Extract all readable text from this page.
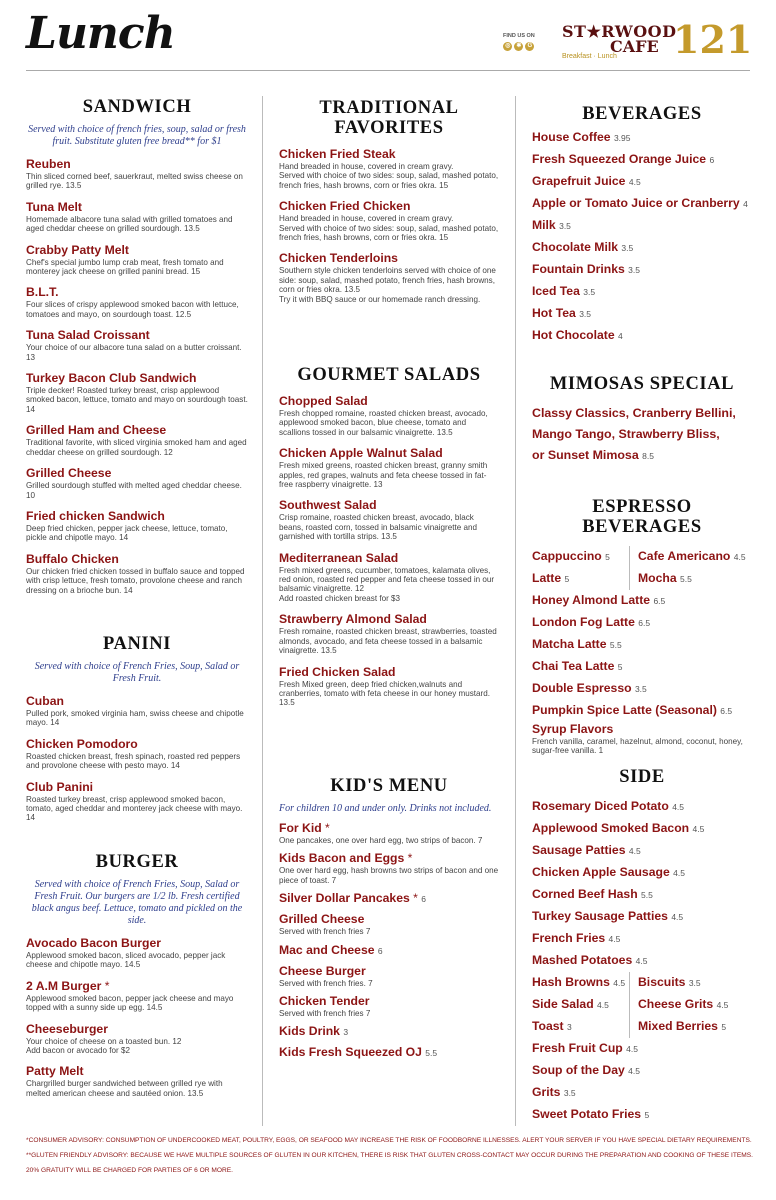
Lunch	FIND US ON
◎ ✱	G
ST★RWOOD
CAFE
Breakfast · Lunch 121
SANDWICH
Served with choice of french fries, soup, salad or fresh fruit. Substitute gluten free bread** for $1
Reuben
Thin sliced corned beef, sauerkraut, melted swiss cheese on grilled rye. 13.5
Tuna Melt
Homemade albacore tuna salad with grilled tomatoes and aged cheddar cheese on grilled sourdough. 13.5
Crabby Patty Melt
Chef's special jumbo lump crab meat, fresh tomato and monterey jack cheese on grilled panini bread. 15
B.L.T.
Four slices of crispy applewood smoked bacon with lettuce, tomatoes and mayo, on sourdough toast. 12.5
Tuna Salad Croissant
Your choice of our albacore tuna salad on a butter croissant. 13
Turkey Bacon Club Sandwich
Triple decker! Roasted turkey breast, crisp applewood smoked bacon, lettuce, tomato and mayo on sourdough toast. 14
Grilled Ham and Cheese
Traditional favorite, with sliced virginia smoked ham and aged cheddar cheese on grilled sourdough. 12
Grilled Cheese
Grilled sourdough stuffed with melted aged cheddar cheese. 10
Fried chicken Sandwich
Deep fried chicken, pepper jack cheese, lettuce, tomato, pickle and chipotle mayo. 14
Buffalo Chicken
Our chicken fried chicken tossed in buffalo sauce and topped with crisp lettuce, fresh tomato, provolone cheese and ranch dressing on a brioche bun. 14
PANINI
Served with choice of French Fries, Soup, Salad or Fresh Fruit.
Cuban
Pulled pork, smoked virginia ham, swiss cheese and chipotle mayo. 14
Chicken Pomodoro
Roasted chicken breast, fresh spinach, roasted red peppers and provolone cheese with pesto mayo. 14
Club Panini
Roasted turkey breast, crisp applewood smoked bacon, tomato, aged cheddar and monterey jack cheese with mayo. 14
BURGER
Served with choice of French Fries, Soup, Salad or Fresh Fruit. Our burgers are 1/2 lb. Fresh certified black angus beef. Lettuce, tomato and pickled on the side.
Avocado Bacon Burger
Applewood smoked bacon, sliced avocado, pepper jack cheese and chipotle mayo. 14.5
2 A.M Burger *
Applewood smoked bacon, pepper jack cheese and mayo topped with a sunny side up egg. 14.5
Cheeseburger
Your choice of cheese on a toasted bun. 12
Add bacon or avocado for $2
Patty Melt
Chargrilled burger sandwiched between grilled rye with melted american cheese and sautéed onion. 13.5
TRADITIONAL FAVORITES
Chicken Fried Steak
Hand breaded in house, covered in cream gravy.
Served with choice of two sides: soup, salad, mashed potato, french fries, hash browns, corn or fries okra. 15
Chicken Fried Chicken
Hand breaded in house, covered in cream gravy.
Served with choice of two sides: soup, salad, mashed potato, french fries, hash browns, corn or fries okra. 15
Chicken Tenderloins
Southern style chicken tenderloins served with choice of one side: soup, salad, mashed potato, french fries, hash browns, corn or fries okra. 13.5
Try it with BBQ sauce or our homemade ranch dressing.
GOURMET SALADS
Chopped Salad
Fresh chopped romaine, roasted chicken breast, avocado, applewood smoked bacon, blue cheese, tomato and scallions tossed in our balsamic vinaigrette. 13.5
Chicken Apple Walnut Salad
Fresh mixed greens, roasted chicken breast, granny smith apples, red grapes, walnuts and feta cheese tossed in fat-free raspberry vinaigrette. 13
Southwest Salad
Crisp romaine, roasted chicken breast, avocado, black beans, roasted corn, tossed in balsamic vinaigrette and garnished with tortilla strips. 13.5
Mediterranean Salad
Fresh mixed greens, cucumber, tomatoes, kalamata olives, red onion, roasted red pepper and feta cheese tossed in our balsamic vinaigrette. 12
Add roasted chicken breast for $3
Strawberry Almond Salad
Fresh romaine, roasted chicken breast, strawberries, toasted almonds, avocado, and feta cheese tossed in a balsamic vinaigrette. 13.5
Fried Chicken Salad
Fresh Mixed green, deep fried chicken,walnuts and cranberries, tomato with feta cheese in our honey mustard. 13.5
KID'S MENU
For children 10 and under only. Drinks not included.
For Kid *
One pancakes, one over hard egg, two strips of bacon. 7
Kids Bacon and Eggs *
One over hard egg, hash browns two strips of bacon and one piece of toast. 7
Silver Dollar Pancakes * 6
Grilled Cheese
Served with french fries 7
Mac and Cheese 6
Cheese Burger
Served with french fries. 7
Chicken Tender
Served with french fries 7
Kids Drink 3
Kids Fresh Squeezed OJ 5.5
BEVERAGES
House Coffee 3.95
Fresh Squeezed Orange Juice 6
Grapefruit Juice 4.5
Apple or Tomato Juice or Cranberry 4
Milk 3.5
Chocolate Milk 3.5
Fountain Drinks 3.5
Iced Tea 3.5
Hot Tea 3.5
Hot Chocolate 4
MIMOSAS SPECIAL
Classy Classics, Cranberry Bellini,
Mango Tango, Strawberry Bliss,
or Sunset Mimosa 8.5
ESPRESSO BEVERAGES
Cappuccino 5	Cafe Americano 4.5
Latte 5	Mocha 5.5
Honey Almond Latte 6.5
London Fog Latte 6.5
Matcha Latte 5.5
Chai Tea Latte 5
Double Espresso 3.5
Pumpkin Spice Latte (Seasonal) 6.5
Syrup Flavors
French vanilla, caramel, hazelnut, almond, coconut, honey, sugar-free vanilla. 1
SIDE
Rosemary Diced Potato 4.5
Applewood Smoked Bacon 4.5
Sausage Patties 4.5
Chicken Apple Sausage 4.5
Corned Beef Hash 5.5
Turkey Sausage Patties 4.5
French Fries 4.5
Mashed Potatoes 4.5
Hash Browns 4.5	Biscuits 3.5
Side Salad 4.5	Cheese Grits 4.5
Toast 3	Mixed Berries 5
Fresh Fruit Cup 4.5
Soup of the Day 4.5
Grits 3.5
Sweet Potato Fries 5
*CONSUMER ADVISORY: CONSUMPTION OF UNDERCOOKED MEAT, POULTRY, EGGS, OR SEAFOOD MAY INCREASE THE RISK OF FOODBORNE ILLNESSES. ALERT YOUR SERVER IF YOU HAVE SPECIAL DIETARY REQUIREMENTS.
**GLUTEN FRIENDLY ADVISORY: BECAUSE WE HAVE MULTIPLE SOURCES OF GLUTEN IN OUR KITCHEN, THERE IS RISK THAT GLUTEN CROSS-CONTACT MAY OCCUR DURING THE PREPARATION AND COOKING OF THESE ITEMS.
20% GRATUITY WILL BE CHARGED FOR PARTIES OF 6 OR MORE.
